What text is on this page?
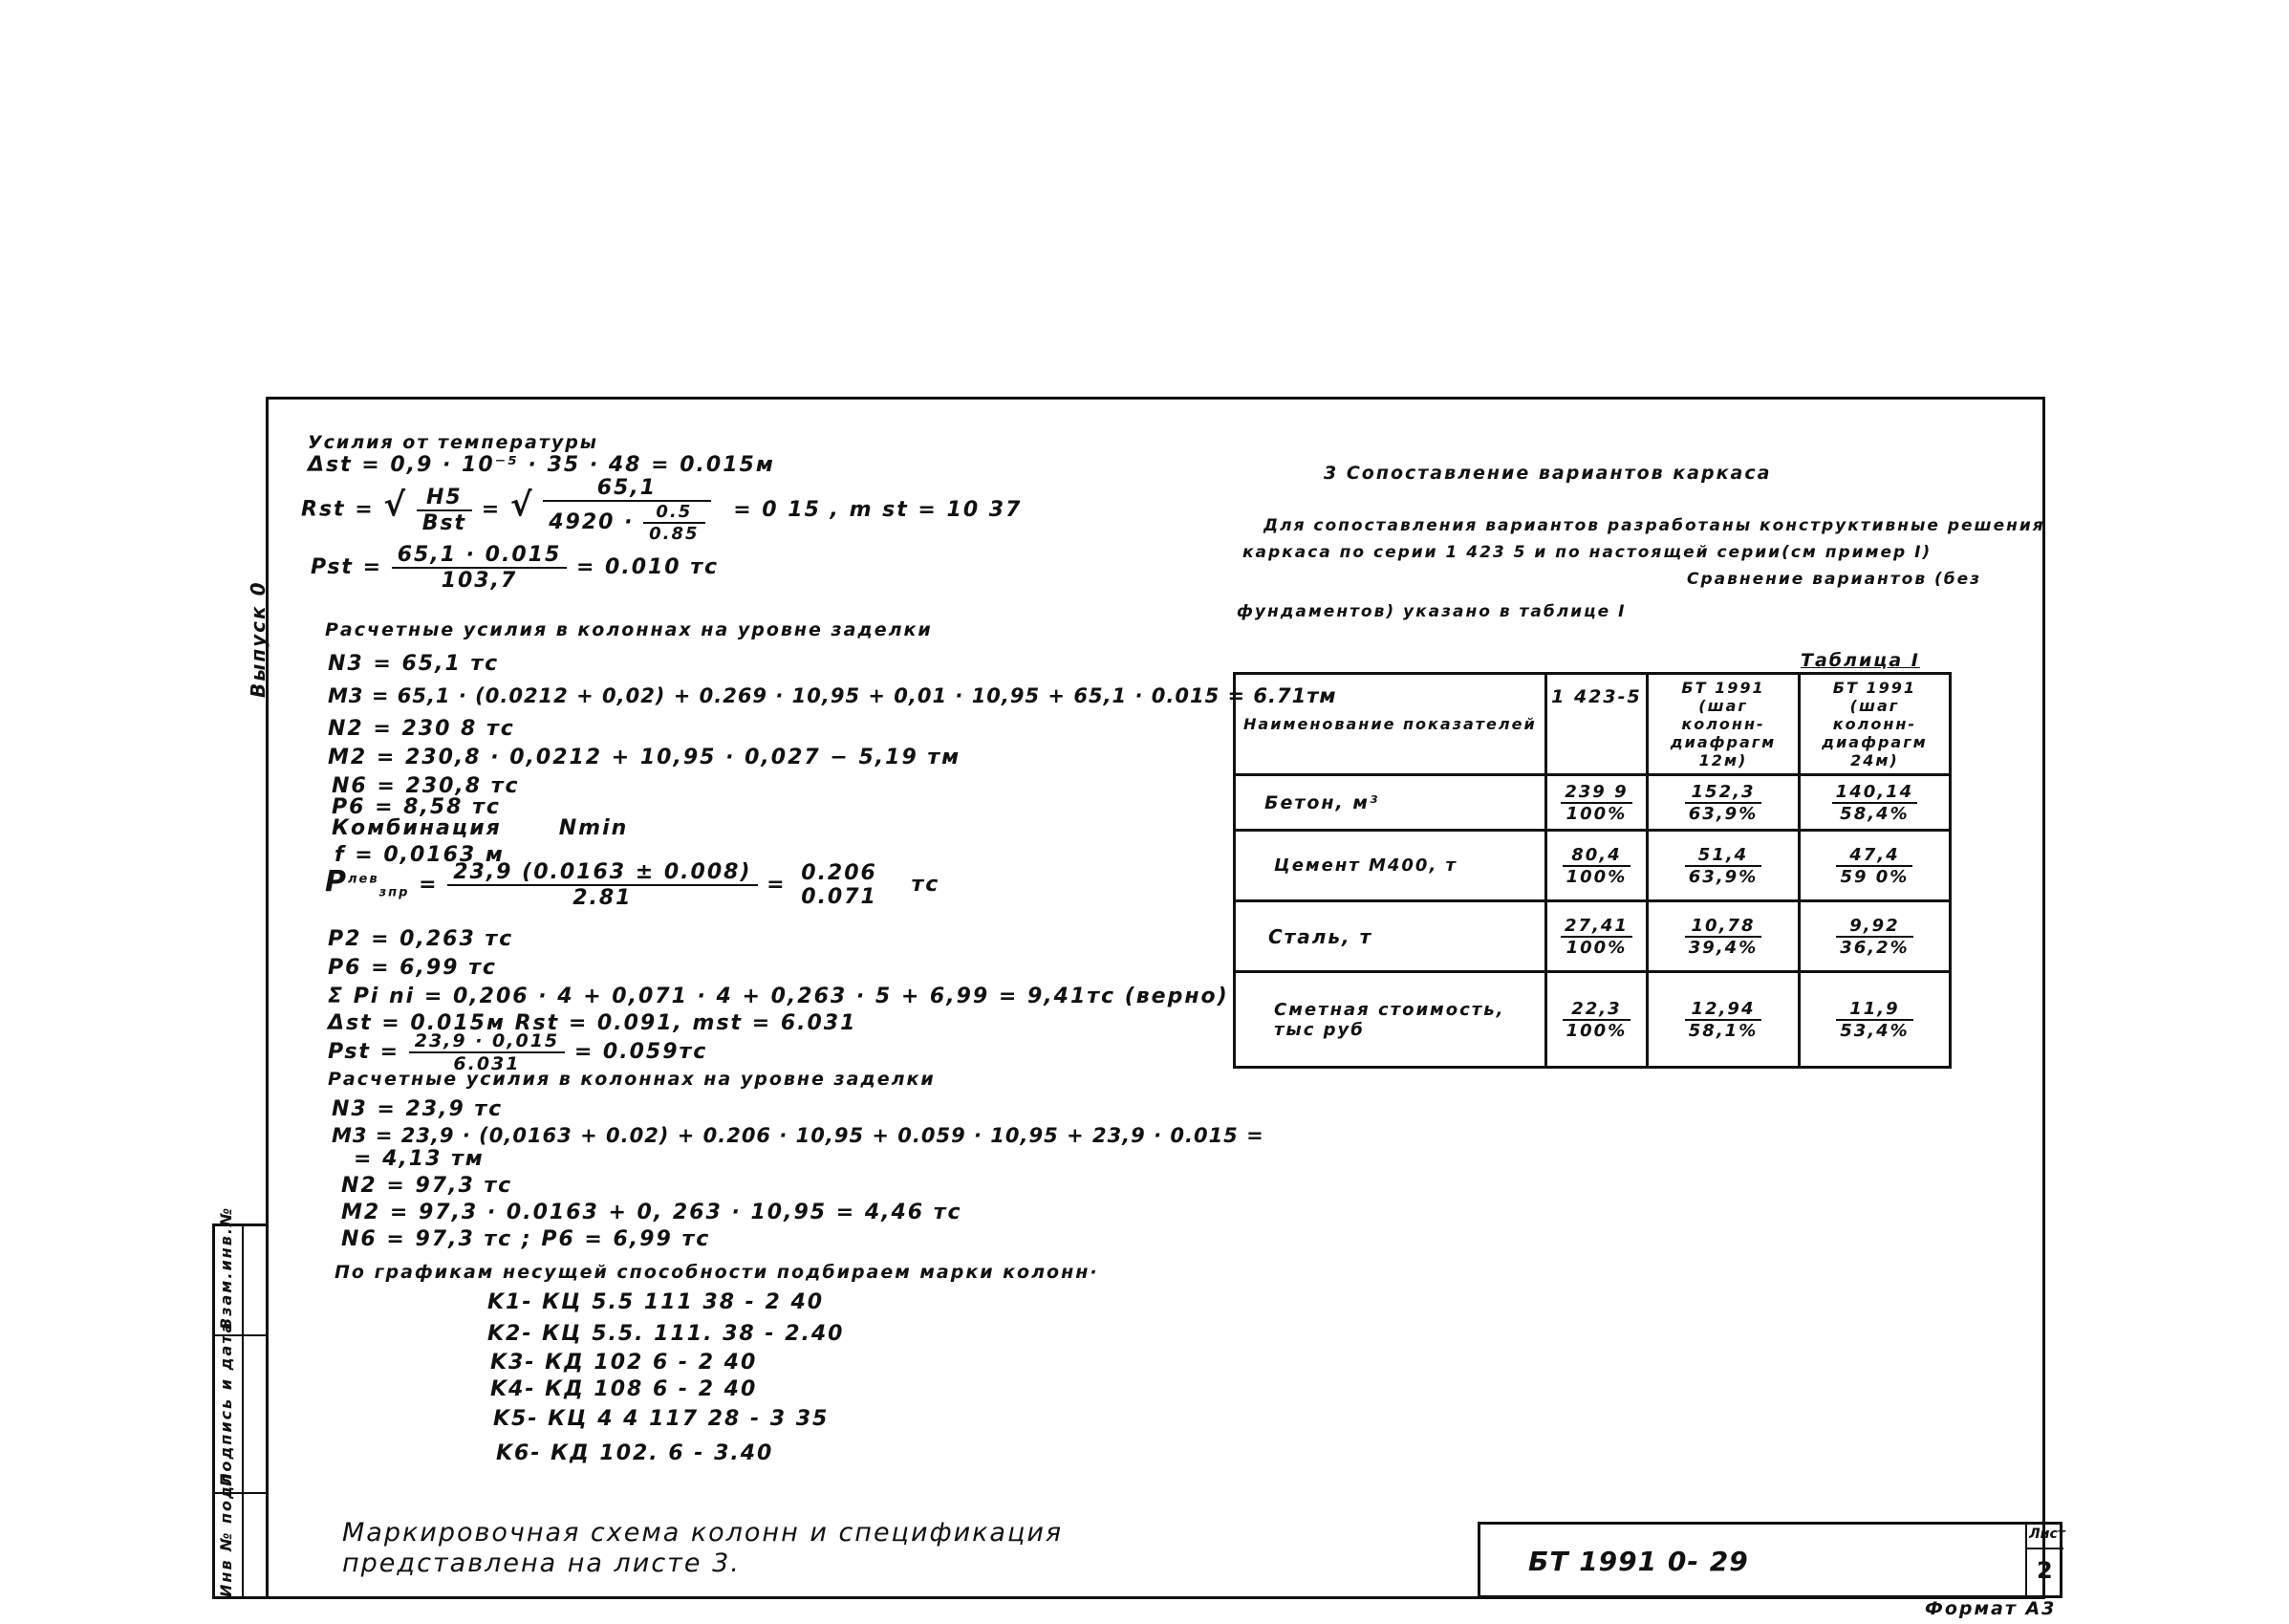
Взам.инв.№
Подпись и дата
Инв № подл
Выпуск 0
Усилия от температуры
Δst = 0,9 · 10⁻⁵ · 35 · 48 = 0.015м
Rst = √ $\frac{H5}{\text{Bst}}$ = √ $\frac{65,1}{4920 \cdot \frac{0.5}{0.85}} = 0$ 15 , m st = 10 37
Pst = $\frac{65,1 \cdot 0.015}{103,7} = 0.010$ тс
Расчетные усилия в колоннах на уровне заделки
N3 = 65,1 тс
M3 = 65,1 · (0.0212 + 0,02) + 0.269 · 10,95 + 0,01 · 10,95 + 65,1 · 0.015 = 6.71тм
N2 = 230 8 тс
M2 = 230,8 · 0,0212 + 10,95 · 0,027 − 5,19 тм
N6 = 230,8 тс
P6 = 8,58 тс
Комбинация	Nmin
f = 0,0163 м
$P^{лев}_{зпр} = \frac{23,9 (0.0163 \pm 0.008)}{2.81} = 0.206$
0.071
тс
P2 = 0,263 тс
P6 = 6,99 тс
Σ Pi ni = 0,206 · 4 + 0,071 · 4 + 0,263 · 5 + 6,99 = 9,41тс (верно)
Δst = 0.015м Rst = 0.091, mst = 6.031
Pst = $\frac{23,9 \cdot 0,015}{6.031} = 0.059тс$
Расчетные усилия в колоннах на уровне заделки
N3 = 23,9 тс
M3 = 23,9 · (0,0163 + 0.02) + 0.206 · 10,95 + 0.059 · 10,95 + 23,9 · 0.015 =
= 4,13 тм
N2 = 97,3 тс
M2 = 97,3 · 0.0163 + 0, 263 · 10,95 = 4,46 тс
N6 = 97,3 тс ; P6 = 6,99 тс
По графикам несущей способности подбираем марки колонн·
K1- КЦ 5.5 111 38 - 2 40
K2- КЦ 5.5. 111. 38 - 2.40
K3- КД 102 6 - 2 40
K4- КД 108 6 - 2 40
K5- КЦ 4 4 117 28 - 3 35
K6- КД 102. 6 - 3.40
Маркировочная схема колонн и спецификация
представлена на листе 3.
3 Сопоставление вариантов каркаса
Для сопоставления вариантов разработаны конструктивные решения
каркаса по серии 1 423 5 и по настоящей серии(см пример I)
Сравнение вариантов (без
фундаментов) указано в таблице I
Таблица I
Наименование показателей	1 423-5	БТ 1991 (шаг колонн-диафрагм 12м)	БТ 1991 (шаг колонн-диафрагм 24м)
Бетон, м³	$\frac{239 9}{100\%}$	$\frac{152,3}{63,9\%}$	$\frac{140,14}{58,4\%}$

Цемент М400, т	$\frac{80,4}{100\%}$	$\frac{51,4}{63,9\%}$	$\frac{47,4}{59 0\%}$

Сталь, т	$\frac{27,41}{100\%}$	$\frac{10,78}{39,4\%}$	$\frac{9,92}{36,2\%}$

Сметная стоимость, тыс руб	$\frac{22,3}{100\%}$	$\frac{12,94}{58,1\%}$	$\frac{11,9}{53,4\%}$
БТ 1991 0- 29
Лист
2
Формат А3
